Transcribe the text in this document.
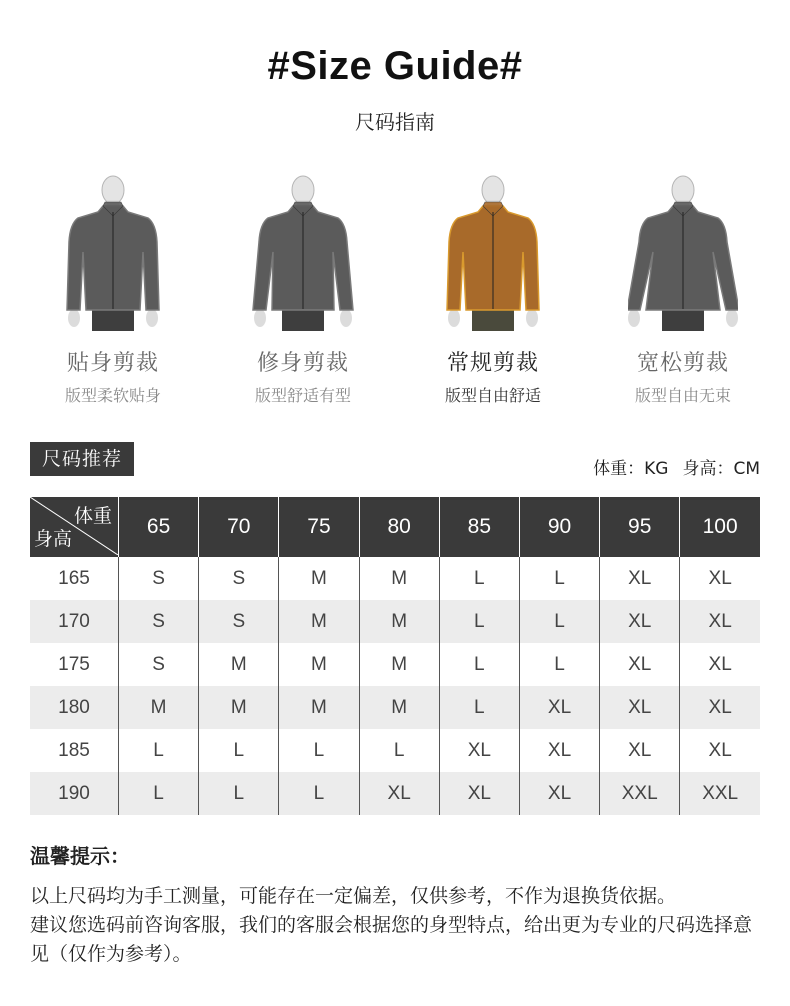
#Size Guide#
尺码指南
贴身剪裁
版型柔软贴身
修身剪裁
版型舒适有型
常规剪裁
版型自由舒适
宽松剪裁
版型自由无束
尺码推荐	体重：KG 身高：CM
体重
身高	65	70	75	80	85	90	95	100
165	S	S	M	M	L	L	XL	XL
170	S	S	M	M	L	L	XL	XL
175	S	M	M	M	L	L	XL	XL
180	M	M	M	M	L	XL	XL	XL
185	L	L	L	L	XL	XL	XL	XL
190	L	L	L	XL	XL	XL	XXL	XXL
温馨提示：
以上尺码均为手工测量，可能存在一定偏差，仅供参考，不作为退换货依据。
建议您选码前咨询客服，我们的客服会根据您的身型特点，给出更为专业的尺码选择意见（仅作为参考）。
